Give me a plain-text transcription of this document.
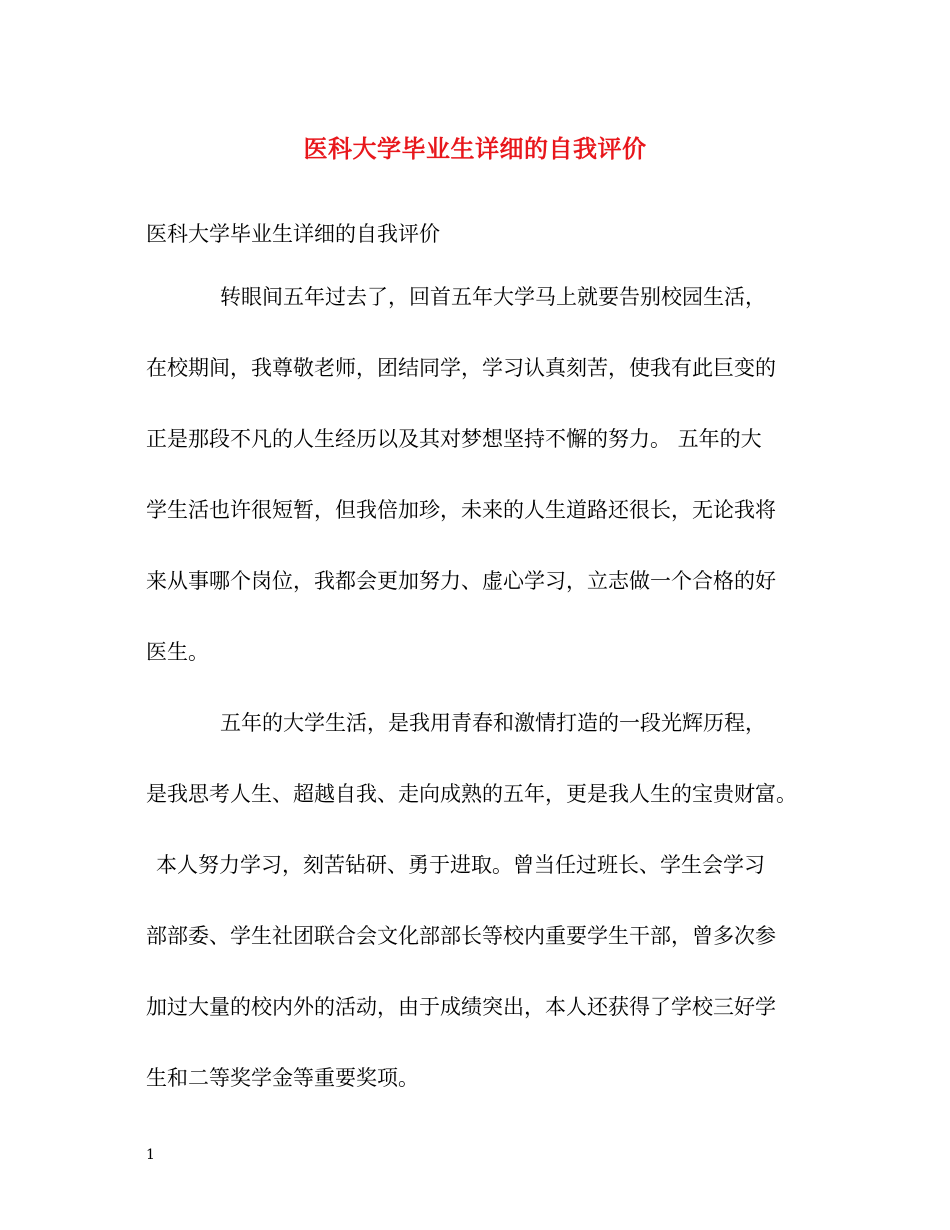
医科大学毕业生详细的自我评价
医科大学毕业生详细的自我评价
转眼间五年过去了，回首五年大学马上就要告别校园生活，
在校期间，我尊敬老师，团结同学，学习认真刻苦，使我有此巨变的
正是那段不凡的人生经历以及其对梦想坚持不懈的努力。 五年的大
学生活也许很短暂，但我倍加珍，未来的人生道路还很长，无论我将
来从事哪个岗位，我都会更加努力、虚心学习，立志做一个合格的好
医生。
五年的大学生活，是我用青春和激情打造的一段光辉历程，
是我思考人生、超越自我、走向成熟的五年，更是我人生的宝贵财富。
本人努力学习，刻苦钻研、勇于进取。曾当任过班长、学生会学习
部部委、学生社团联合会文化部部长等校内重要学生干部，曾多次参
加过大量的校内外的活动，由于成绩突出，本人还获得了学校三好学
生和二等奖学金等重要奖项。
1
